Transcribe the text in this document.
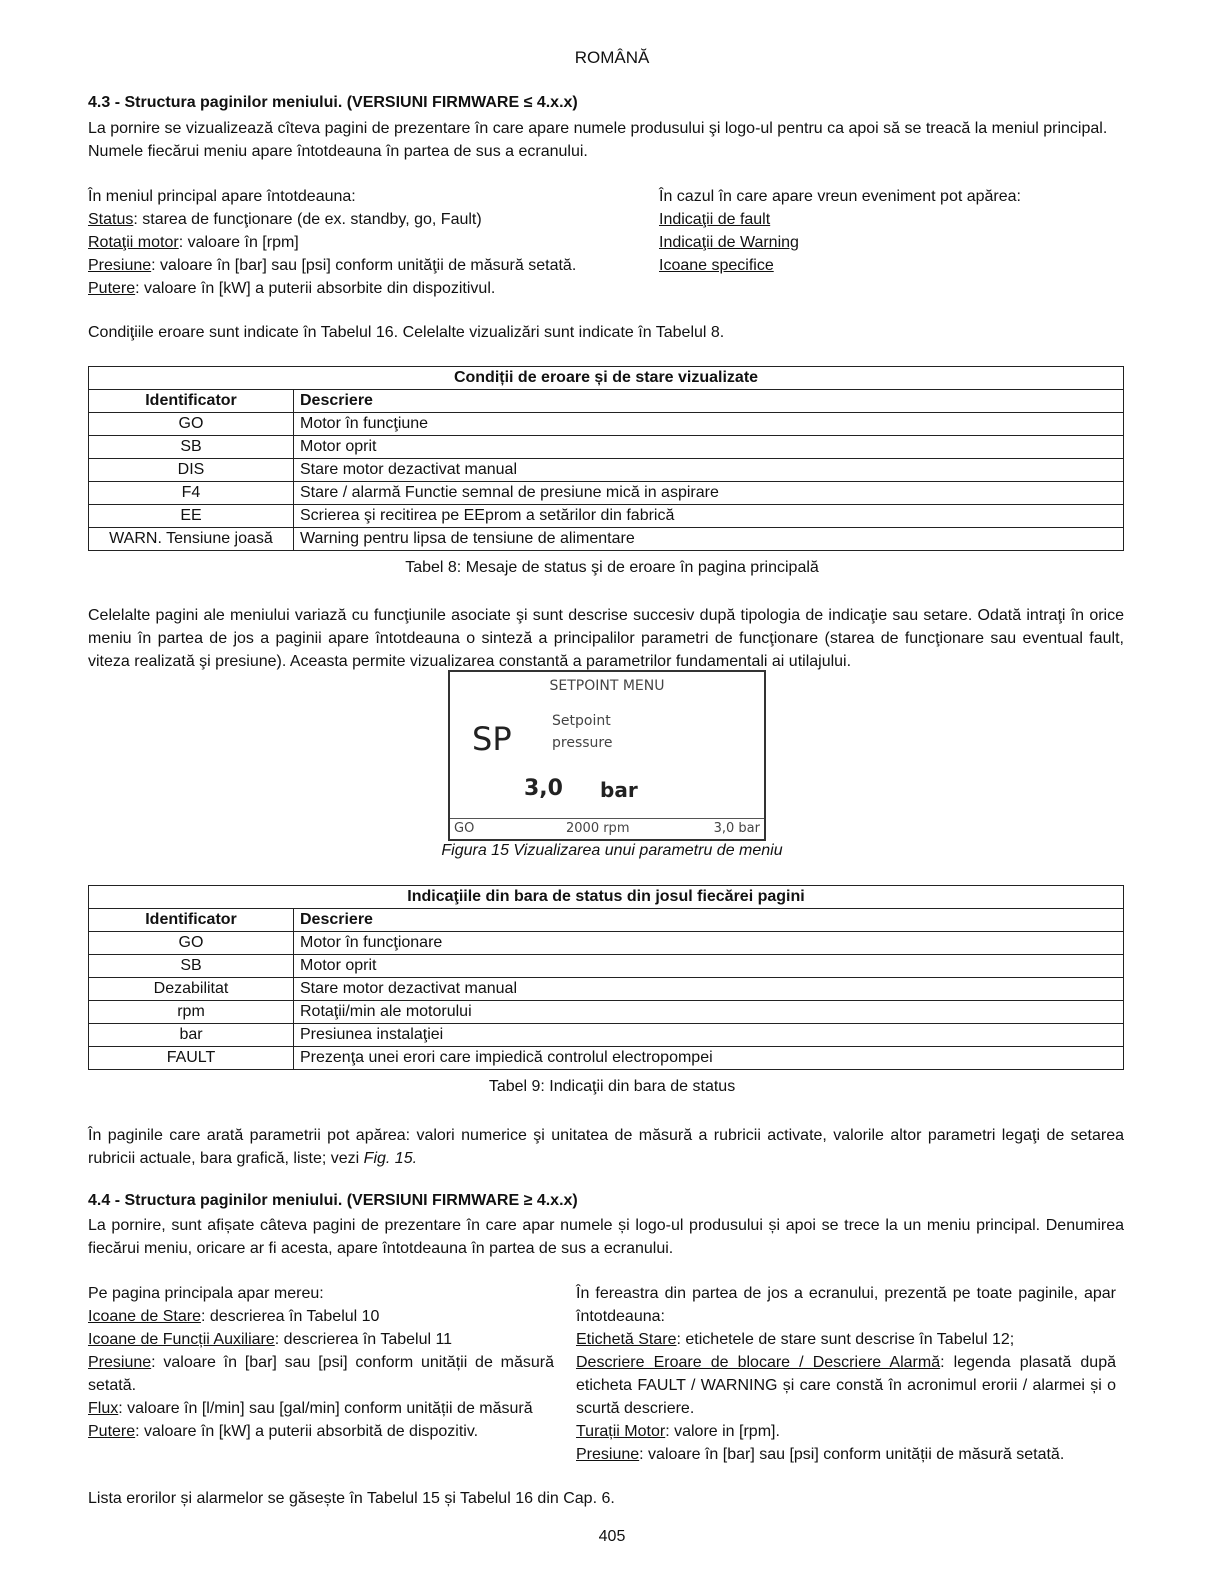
ROMÂNĂ
4.3 - Structura paginilor meniului. (VERSIUNI FIRMWARE ≤ 4.x.x)
La pornire se vizualizează cîteva pagini de prezentare în care apare numele produsului şi logo-ul pentru ca apoi să se treacă la meniul principal. Numele fiecărui meniu apare întotdeauna în partea de sus a ecranului.
În meniul principal apare întotdeauna:
Status: starea de funcţionare (de ex. standby, go, Fault)
Rotaţii motor: valoare în [rpm]
Presiune: valoare în [bar] sau [psi] conform unităţii de măsură setată.
Putere: valoare în [kW] a puterii absorbite din dispozitivul.
În cazul în care apare vreun eveniment pot apărea:
Indicaţii de fault
Indicaţii de Warning
Icoane specifice
Condiţiile eroare sunt indicate în Tabelul 16. Celelalte vizualizări sunt indicate în Tabelul 8.
Condiții de eroare și de stare vizualizate	
Identificator	Descriere
GO	Motor în funcţiune
SB	Motor oprit
DIS	Stare motor dezactivat manual
F4	Stare / alarmă Functie semnal de presiune mică in aspirare
EE	Scrierea şi recitirea pe EEprom a setărilor din fabrică
WARN. Tensiune joasă	Warning pentru lipsa de tensiune de alimentare
Tabel 8: Mesaje de status şi de eroare în pagina principală
Celelalte pagini ale meniului variază cu funcţiunile asociate şi sunt descrise succesiv după tipologia de indicaţie sau setare. Odată intraţi în orice meniu în partea de jos a paginii apare întotdeauna o sinteză a principalilor parametri de funcţionare (starea de funcţionare sau eventual fault, viteza realizată şi presiune). Aceasta permite vizualizarea constantă a parametrilor fundamentali ai utilajului.
SETPOINT MENU
SP	Setpoint
pressure
3,0 bar
GO	2000 rpm	3,0 bar
Figura 15 Vizualizarea unui parametru de meniu
Indicaţiile din bara de status din josul fiecărei pagini	
Identificator	Descriere
GO	Motor în funcţionare
SB	Motor oprit
Dezabilitat	Stare motor dezactivat manual
rpm	Rotaţii/min ale motorului
bar	Presiunea instalaţiei
FAULT	Prezenţa unei erori care impiedică controlul electropompei
Tabel 9: Indicaţii din bara de status
În paginile care arată parametrii pot apărea: valori numerice şi unitatea de măsură a rubricii activate, valorile altor parametri legaţi de setarea rubricii actuale, bara grafică, liste; vezi Fig. 15.
4.4 - Structura paginilor meniului. (VERSIUNI FIRMWARE ≥ 4.x.x)
La pornire, sunt afișate câteva pagini de prezentare în care apar numele și logo-ul produsului și apoi se trece la un meniu principal. Denumirea fiecărui meniu, oricare ar fi acesta, apare întotdeauna în partea de sus a ecranului.
Pe pagina principala apar mereu:
Icoane de Stare: descrierea în Tabelul 10
Icoane de Funcții Auxiliare: descrierea în Tabelul 11
Presiune: valoare în [bar] sau [psi] conform unității de măsură setată.
Flux: valoare în [l/min] sau [gal/min] conform unității de măsură
Putere: valoare în [kW] a puterii absorbită de dispozitiv.
În fereastra din partea de jos a ecranului, prezentă pe toate paginile, apar întotdeauna:
Etichetă Stare: etichetele de stare sunt descrise în Tabelul 12;
Descriere Eroare de blocare / Descriere Alarmă: legenda plasată după eticheta FAULT / WARNING și care constă în acronimul erorii / alarmei și o scurtă descriere.
Turații Motor: valore in [rpm].
Presiune: valoare în [bar] sau [psi] conform unității de măsură setată.
Lista erorilor și alarmelor se găsește în Tabelul 15 și Tabelul 16 din Cap. 6.
405
